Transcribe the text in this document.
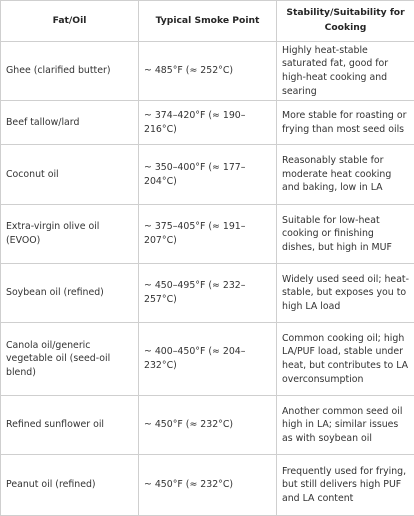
Fat/Oil	Typical Smoke Point	Stability/Suitability for Cooking
Ghee (clarified butter)	~ 485°F (≈ 252°C)	Highly heat-stable saturated fat, good for high-heat cooking and searing
Beef tallow/lard	~ 374–420°F (≈ 190–216°C)	More stable for roasting or frying than most seed oils
Coconut oil	~ 350–400°F (≈ 177–204°C)	Reasonably stable for moderate heat cooking and baking, low in LA
Extra-virgin olive oil (EVOO)	~ 375–405°F (≈ 191–207°C)	Suitable for low-heat cooking or finishing dishes, but high in MUF
Soybean oil (refined)	~ 450–495°F (≈ 232–257°C)	Widely used seed oil; heat-stable, but exposes you to high LA load
Canola oil/generic vegetable oil (seed-oil blend)	~ 400–450°F (≈ 204–232°C)	Common cooking oil; high LA/PUF load, stable under heat, but contributes to LA overconsumption
Refined sunflower oil	~ 450°F (≈ 232°C)	Another common seed oil high in LA; similar issues as with soybean oil
Peanut oil (refined)	~ 450°F (≈ 232°C)	Frequently used for frying, but still delivers high PUF and LA content
